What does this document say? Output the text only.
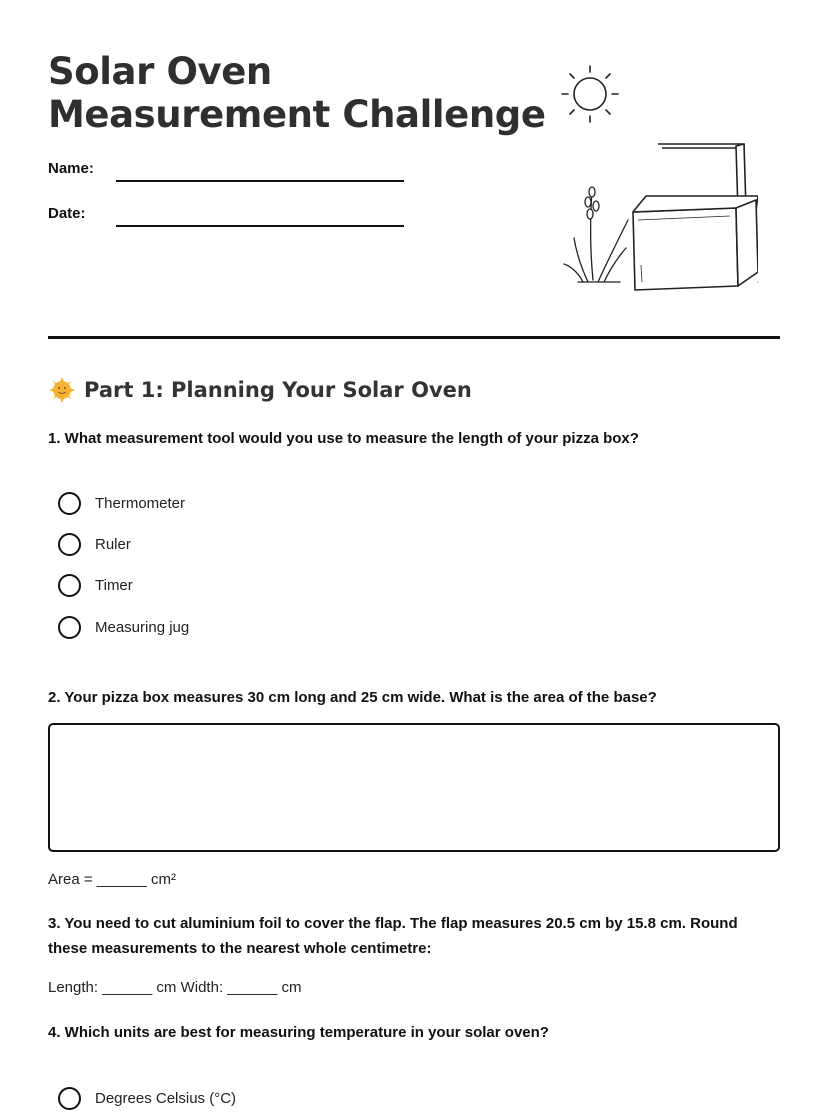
Solar Oven
Measurement Challenge
Name:
Date:
Part 1: Planning Your Solar Oven
1. What measurement tool would you use to measure the length of your pizza box?
Thermometer
Ruler
Timer
Measuring jug
2. Your pizza box measures 30 cm long and 25 cm wide. What is the area of the base?
Area = ______ cm²
3. You need to cut aluminium foil to cover the flap. The flap measures 20.5 cm by 15.8 cm. Round these measurements to the nearest whole centimetre:
Length: ______ cm Width: ______ cm
4. Which units are best for measuring temperature in your solar oven?
Degrees Celsius (°C)
